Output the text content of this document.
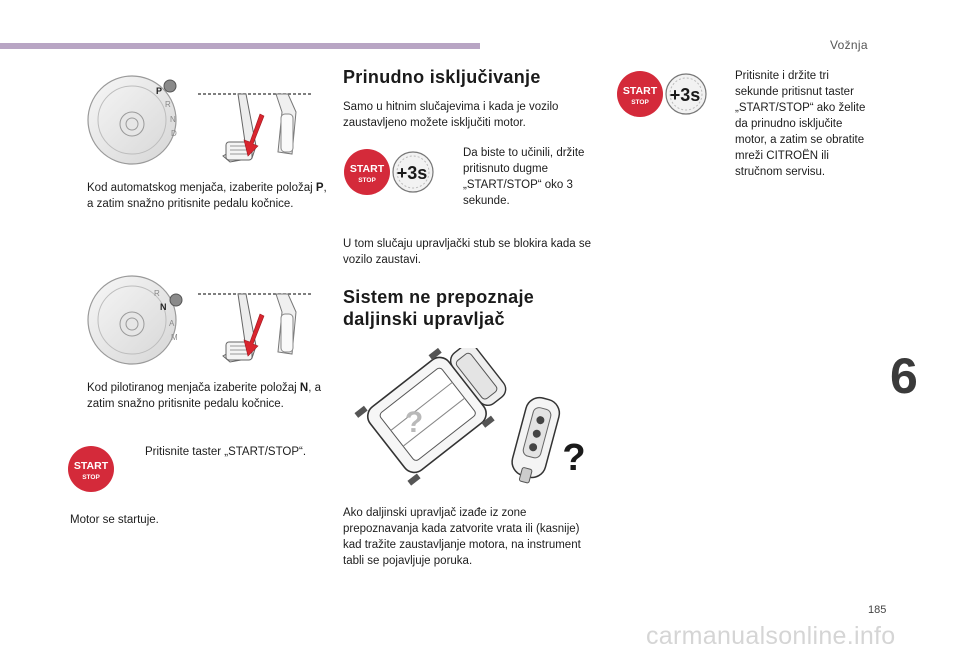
Vožnja
6
185
carmanualsonline.info
P
R
N
D
Kod automatskog menjača, izaberite položaj P, a zatim snažno pritisnite pedalu kočnice.
R
N
A
M
Kod pilotiranog menjača izaberite položaj N, a zatim snažno pritisnite pedalu kočnice.
START
STOP
Pritisnite taster „START/STOP“.
Motor se startuje.
Prinudno isključivanje
Samo u hitnim slučajevima i kada je vozilo zaustavljeno možete isključiti motor.
START
STOP +3s
Da biste to učinili, držite pritisnuto dugme „START/STOP“ oko 3 sekunde.
U tom slučaju upravljački stub se blokira kada se vozilo zaustavi.
Sistem ne prepoznaje daljinski upravljač
?
?
Ako daljinski upravljač izađe iz zone prepoznavanja kada zatvorite vrata ili (kasnije) kad tražite zaustavljanje motora, na instrument tabli se pojavljuje poruka.
START
STOP +3s
Pritisnite i držite tri sekunde pritisnut taster „START/STOP“ ako želite da prinudno isključite motor, a zatim se obratite mreži CITROËN ili stručnom servisu.
